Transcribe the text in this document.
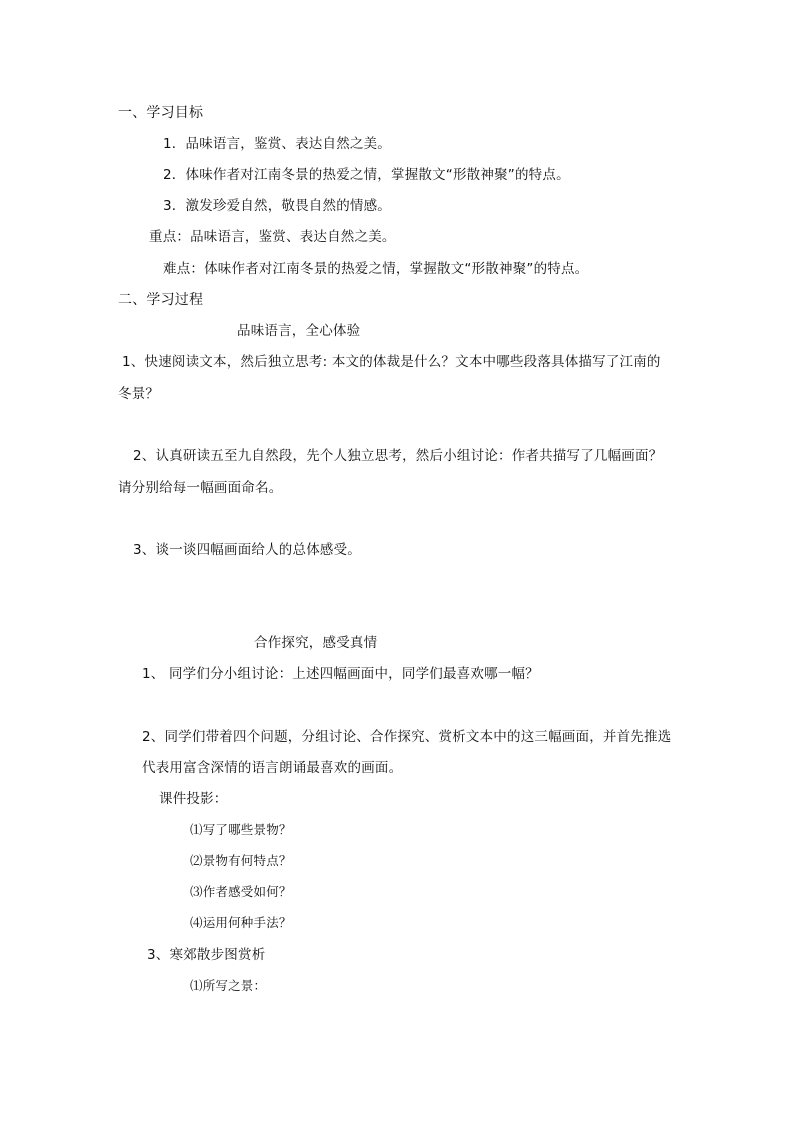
一、学习目标
1．品味语言，鉴赏、表达自然之美。
2．体味作者对江南冬景的热爱之情，掌握散文“形散神聚”的特点。
3．激发珍爱自然，敬畏自然的情感。
重点：品味语言，鉴赏、表达自然之美。
难点：体味作者对江南冬景的热爱之情，掌握散文“形散神聚”的特点。
二、学习过程
品味语言，全心体验
1、快速阅读文本，然后独立思考: 本文的体裁是什么？文本中哪些段落具体描写了江南的
冬景？
2、认真研读五至九自然段，先个人独立思考，然后小组讨论：作者共描写了几幅画面？
请分别给每一幅画面命名。
3、谈一谈四幅画面给人的总体感受。
合作探究，感受真情
1、 同学们分小组讨论：上述四幅画面中，同学们最喜欢哪一幅？
2、同学们带着四个问题，分组讨论、合作探究、赏析文本中的这三幅画面，并首先推选
代表用富含深情的语言朗诵最喜欢的画面。
课件投影：
⑴写了哪些景物？
⑵景物有何特点？
⑶作者感受如何？
⑷运用何种手法？
3、寒郊散步图赏析
⑴所写之景：
